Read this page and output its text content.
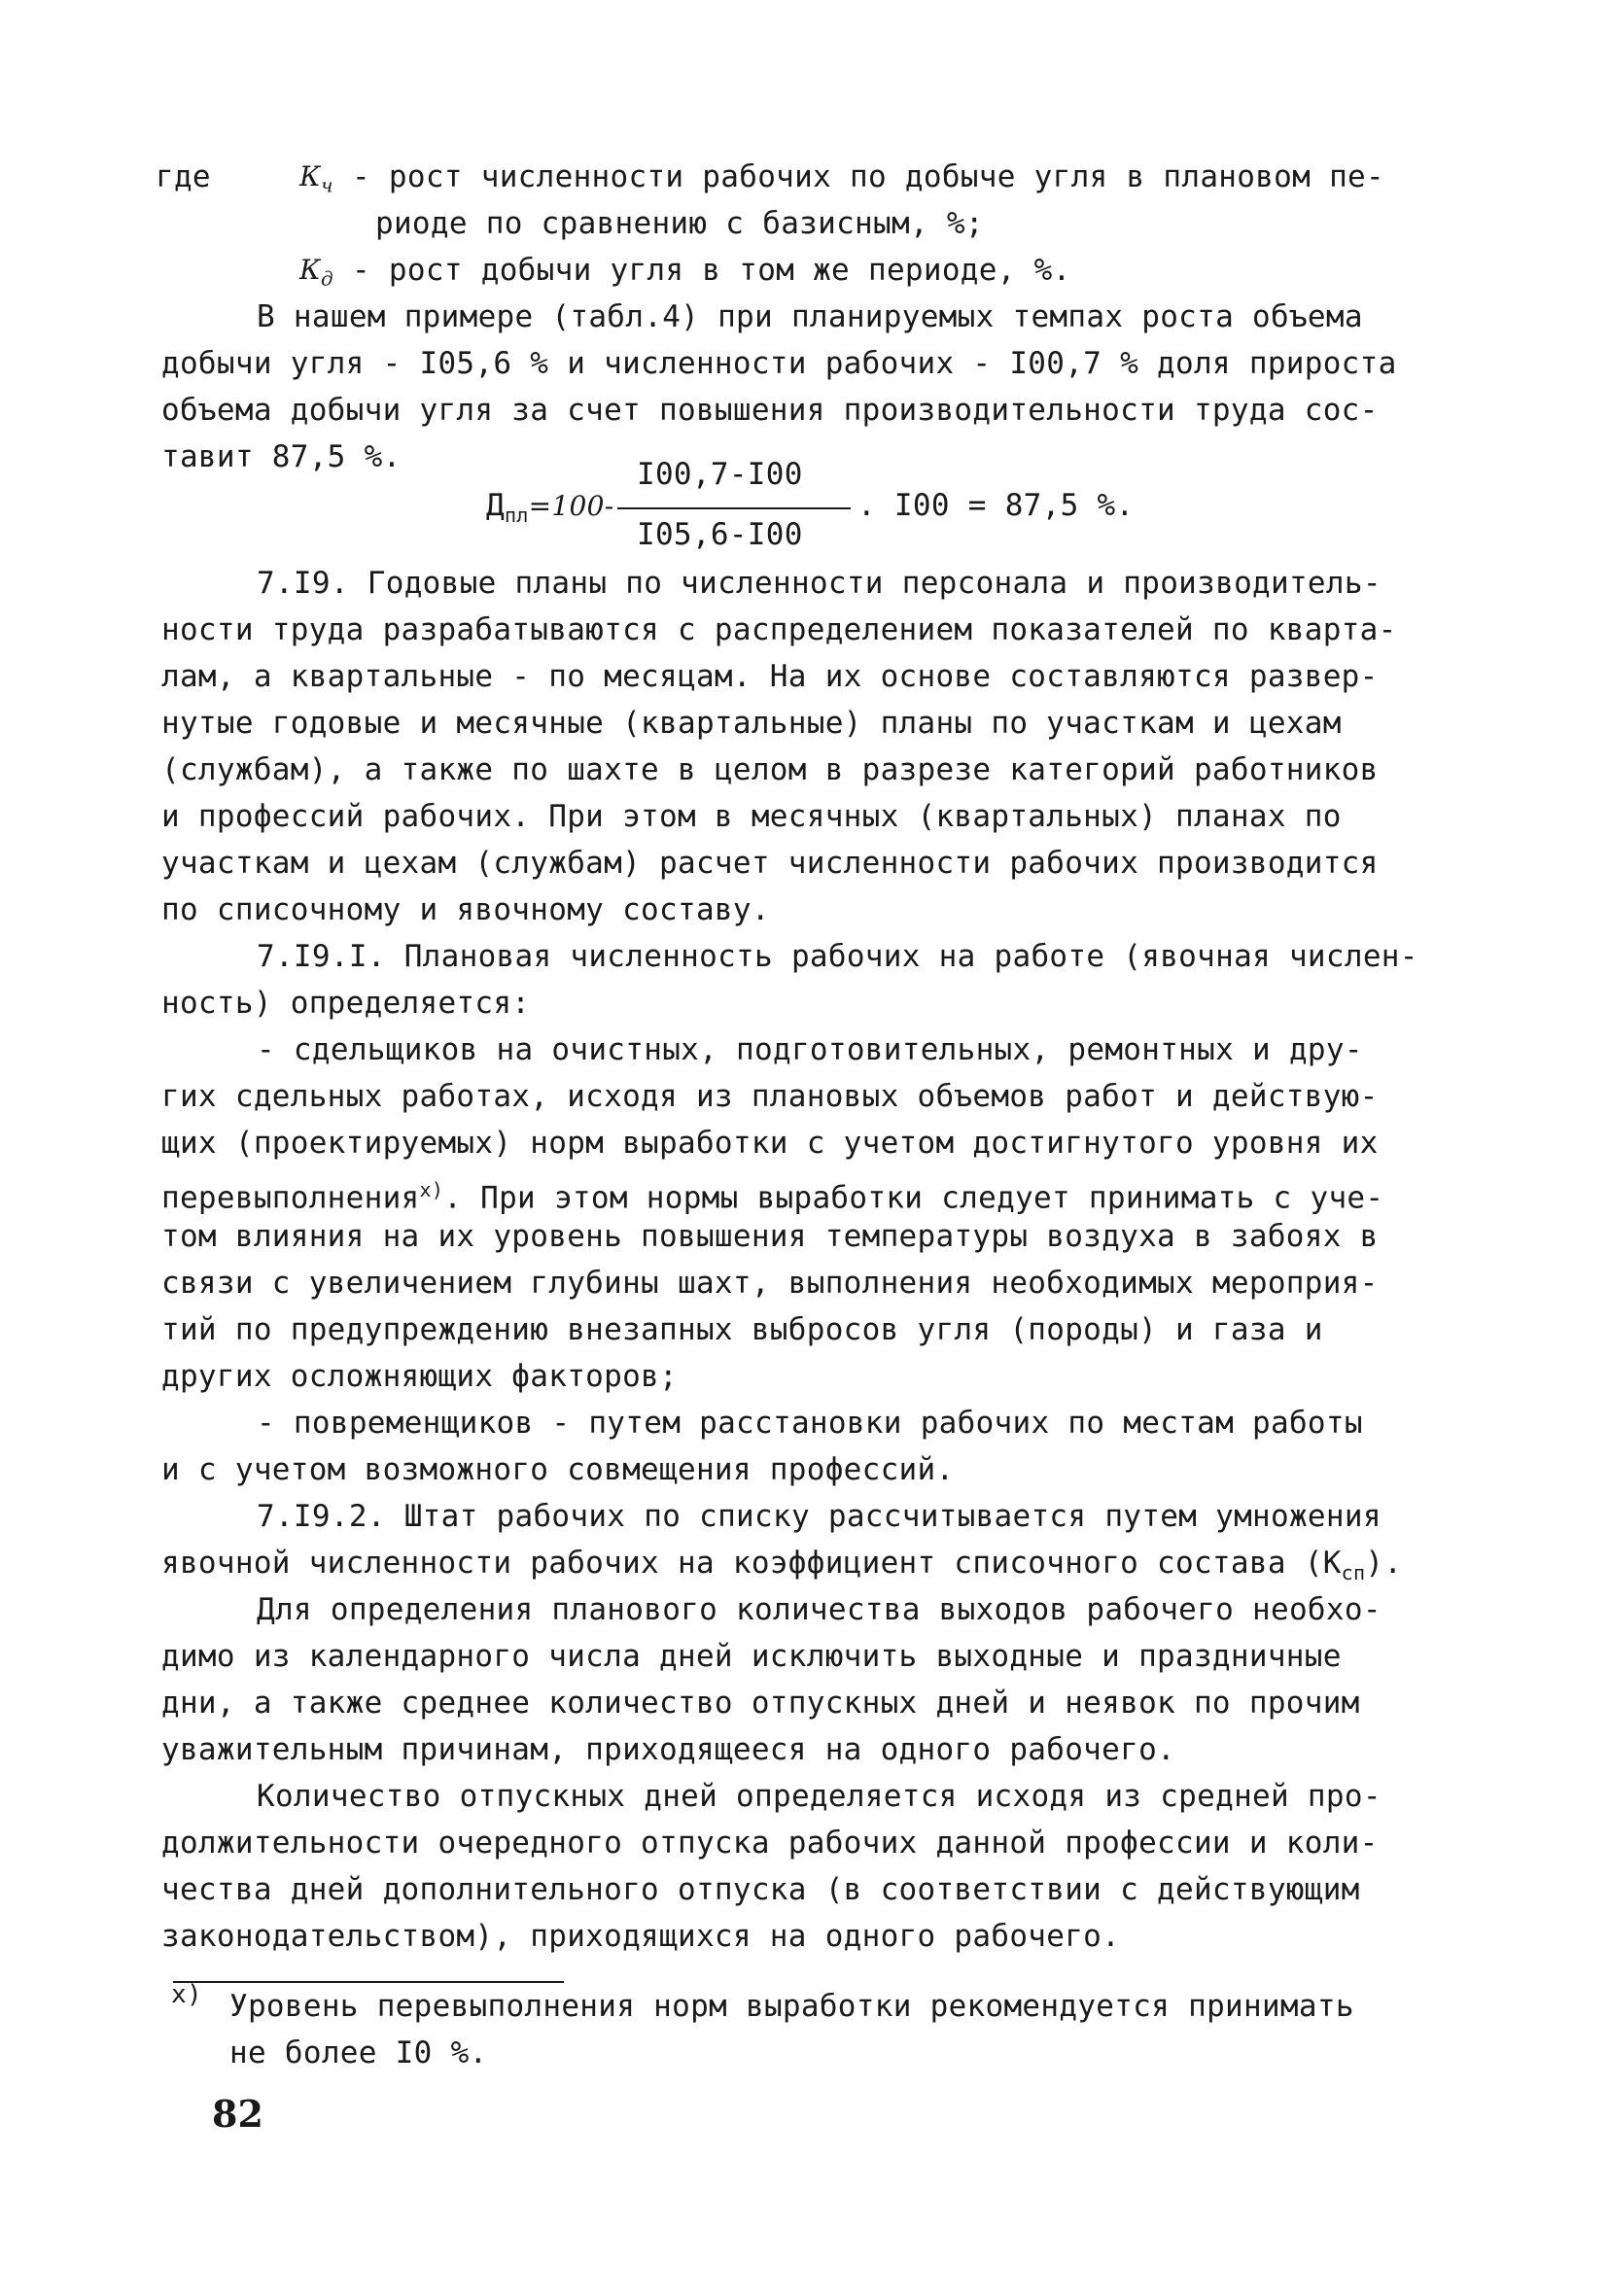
где	$К_ч$ - рост численности рабочих по добыче угля в плановом пе-
риоде по сравнению с базисным, %;
$К_д$ - рост добычи угля в том же периоде, %.
В нашем примере (табл.4) при планируемых темпах роста объема
добычи угля - I05,6 % и численности рабочих - I00,7 % доля прироста
объема добычи угля за счет повышения производительности труда сос-
тавит 87,5 %.
$Д_{пл}=100-$
I00,7-I00
I05,6-I00
. I00 = 87,5 %.
7.I9. Годовые планы по численности персонала и производитель-
ности труда разрабатываются с распределением показателей по кварта-
лам, а квартальные - по месяцам. На их основе составляются развер-
нутые годовые и месячные (квартальные) планы по участкам и цехам
(службам), а также по шахте в целом в разрезе категорий работников
и профессий рабочих. При этом в месячных (квартальных) планах по
участкам и цехам (службам) расчет численности рабочих производится
по списочному и явочному составу.
7.I9.I. Плановая численность рабочих на работе (явочная числен-
ность) определяется:
- сдельщиков на очистных, подготовительных, ремонтных и дру-
гих сдельных работах, исходя из плановых объемов работ и действую-
щих (проектируемых) норм выработки с учетом достигнутого уровня их
перевыполнения$^{x)}$. При этом нормы выработки следует принимать с уче-
том влияния на их уровень повышения температуры воздуха в забоях в
связи с увеличением глубины шахт, выполнения необходимых мероприя-
тий по предупреждению внезапных выбросов угля (породы) и газа и
других осложняющих факторов;
- повременщиков - путем расстановки рабочих по местам работы
и с учетом возможного совмещения профессий.
7.I9.2. Штат рабочих по списку рассчитывается путем умножения
явочной численности рабочих на коэффициент списочного состава $(К_{сп})$.
Для определения планового количества выходов рабочего необхо-
димо из календарного числа дней исключить выходные и праздничные
дни, а также среднее количество отпускных дней и неявок по прочим
уважительным причинам, приходящееся на одного рабочего.
Количество отпускных дней определяется исходя из средней про-
должительности очередного отпуска рабочих данной профессии и коли-
чества дней дополнительного отпуска (в соответствии с действующим
законодательством), приходящихся на одного рабочего.
x) Уровень перевыполнения норм выработки рекомендуется принимать
не более I0 %.
82
